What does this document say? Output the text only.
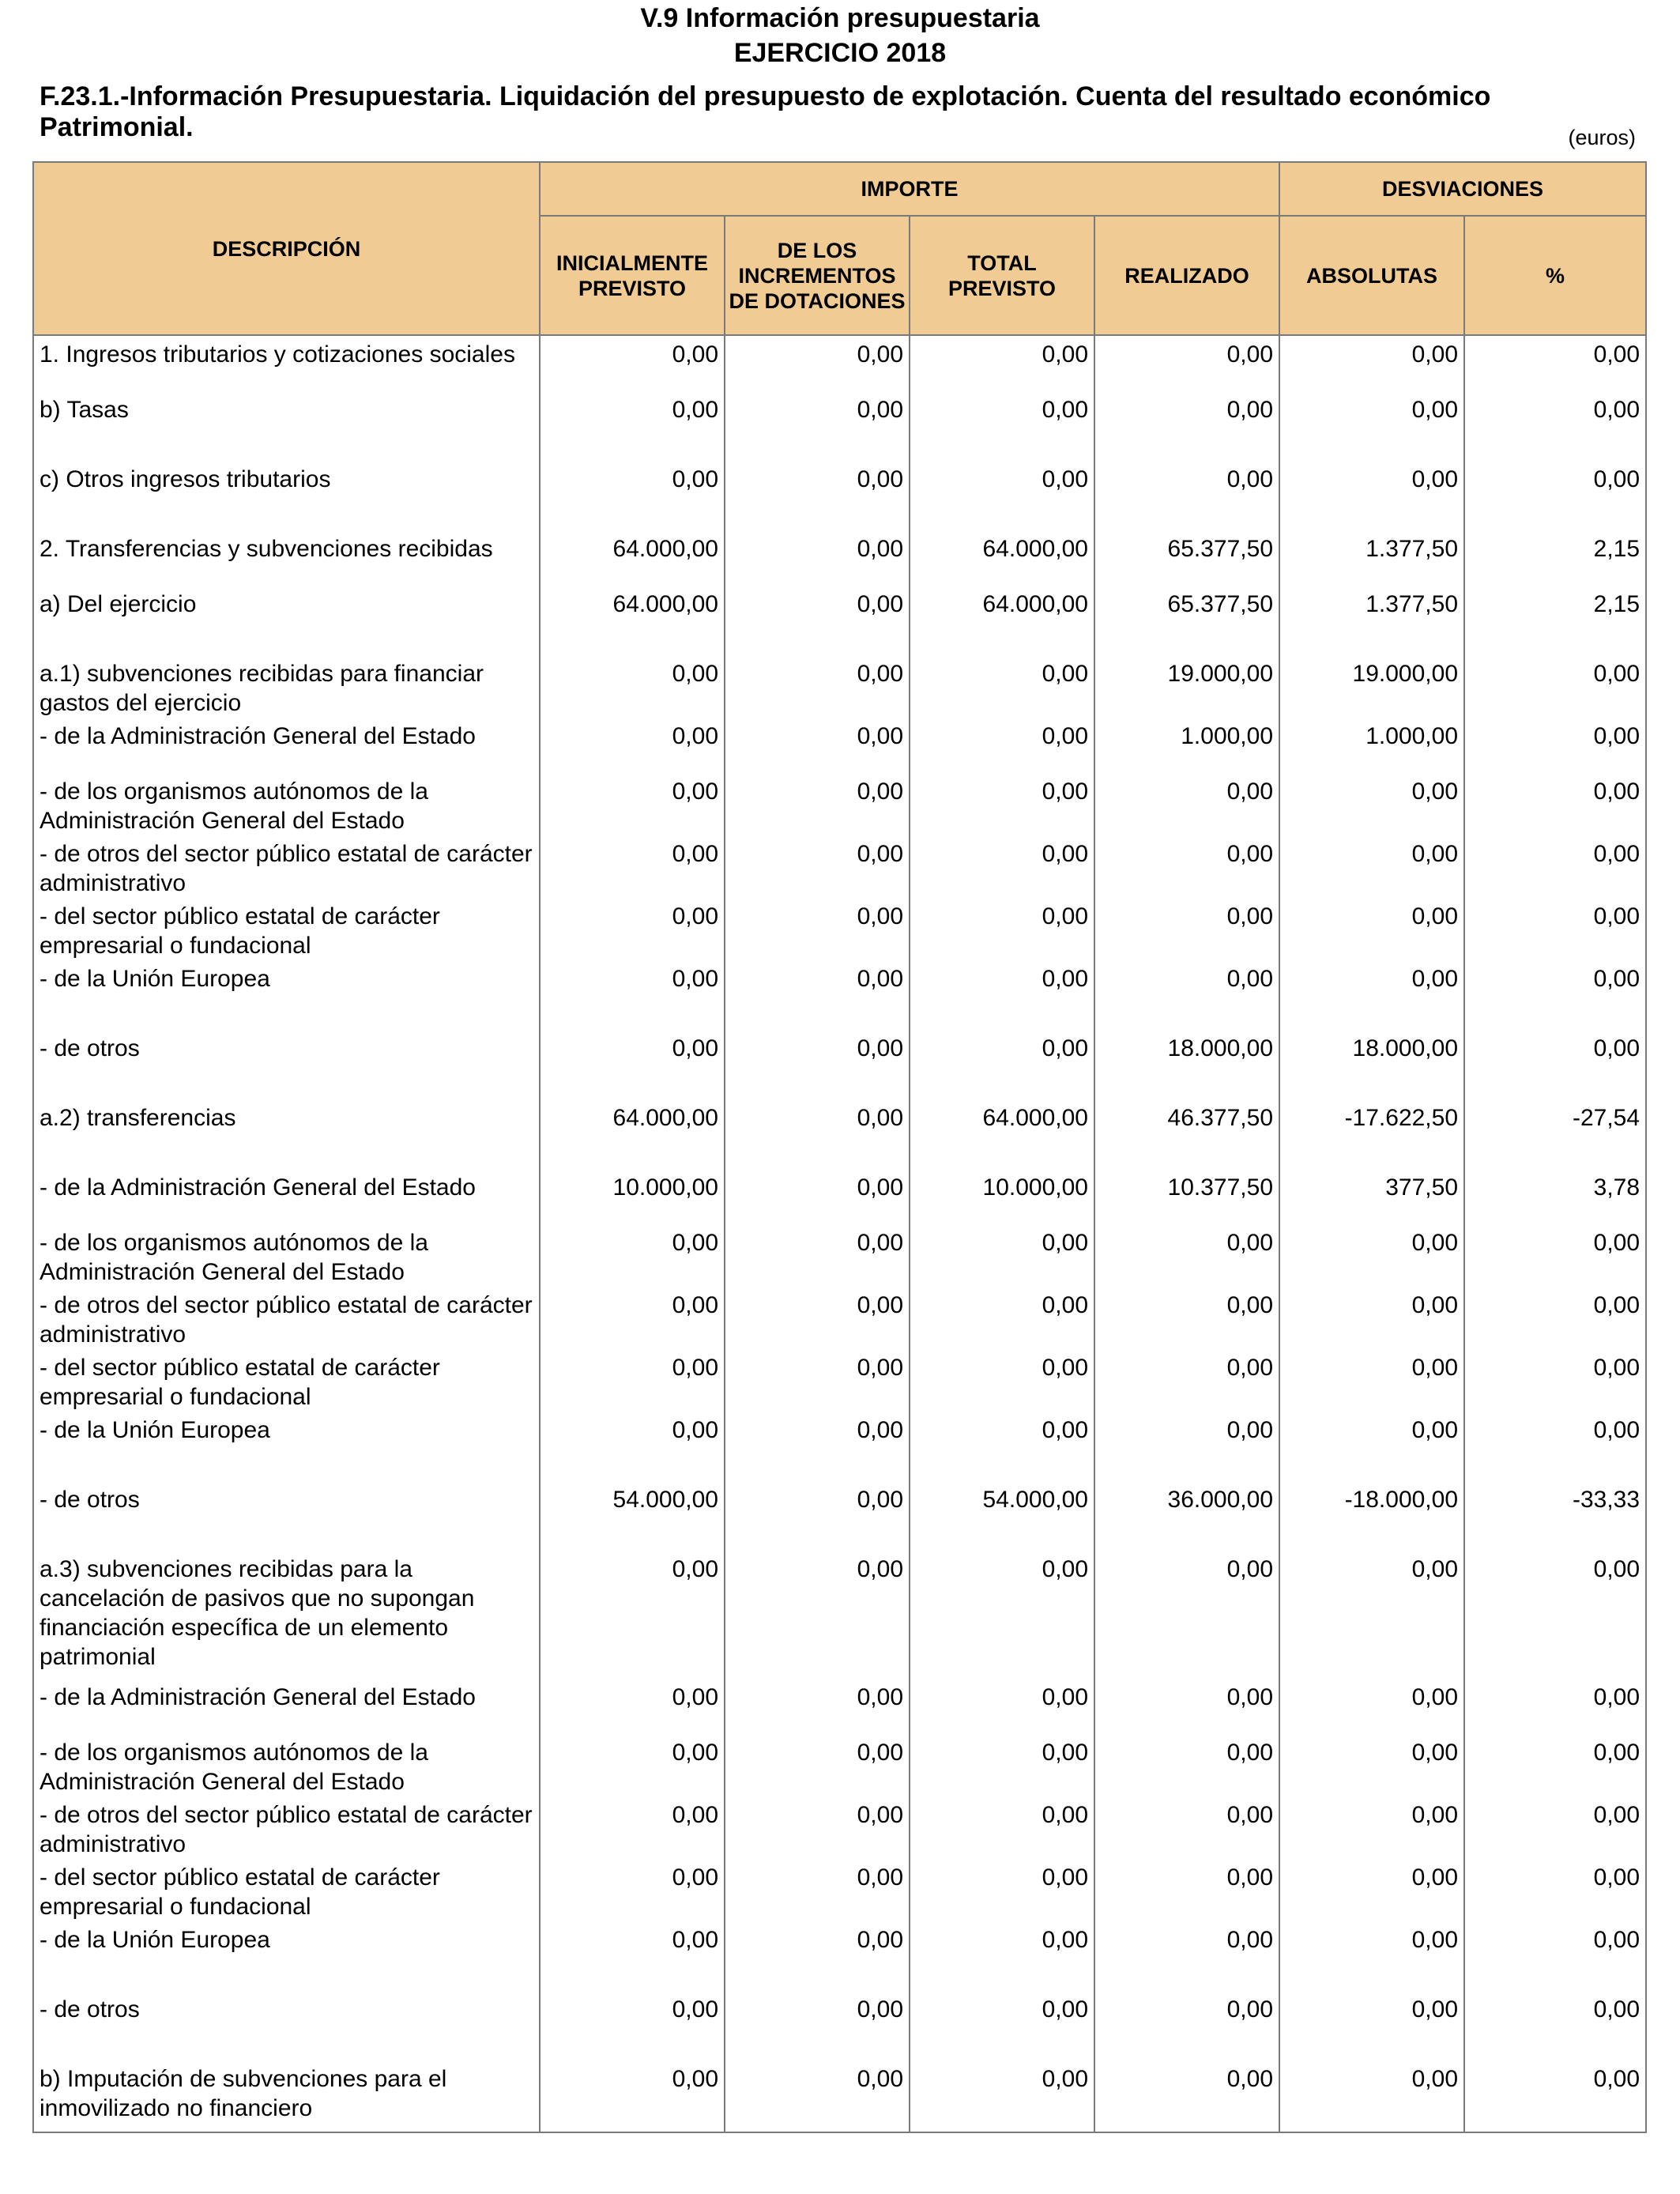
V.9 Información presupuestaria
EJERCICIO 2018
F.23.1.-Información Presupuestaria. Liquidación del presupuesto de explotación. Cuenta del resultado económico Patrimonial.	(euros)
DESCRIPCIÓN	IMPORTE				DESVIACIONES	
	INICIALMENTE PREVISTO	DE LOS INCREMENTOS DE DOTACIONES	TOTAL PREVISTO	REALIZADO	ABSOLUTAS	%
1. Ingresos tributarios y cotizaciones sociales	0,00	0,00	0,00	0,00	0,00	0,00
b) Tasas	0,00	0,00	0,00	0,00	0,00	0,00
c) Otros ingresos tributarios	0,00	0,00	0,00	0,00	0,00	0,00
2. Transferencias y subvenciones recibidas	64.000,00	0,00	64.000,00	65.377,50	1.377,50	2,15
a) Del ejercicio	64.000,00	0,00	64.000,00	65.377,50	1.377,50	2,15
a.1) subvenciones recibidas para financiar gastos del ejercicio	0,00	0,00	0,00	19.000,00	19.000,00	0,00
- de la Administración General del Estado	0,00	0,00	0,00	1.000,00	1.000,00	0,00
- de los organismos autónomos de la Administración General del Estado	0,00	0,00	0,00	0,00	0,00	0,00
- de otros del sector público estatal de carácter administrativo	0,00	0,00	0,00	0,00	0,00	0,00
- del sector público estatal de carácter empresarial o fundacional	0,00	0,00	0,00	0,00	0,00	0,00
- de la Unión Europea	0,00	0,00	0,00	0,00	0,00	0,00
- de otros	0,00	0,00	0,00	18.000,00	18.000,00	0,00
a.2) transferencias	64.000,00	0,00	64.000,00	46.377,50	-17.622,50	-27,54
- de la Administración General del Estado	10.000,00	0,00	10.000,00	10.377,50	377,50	3,78
- de los organismos autónomos de la Administración General del Estado	0,00	0,00	0,00	0,00	0,00	0,00
- de otros del sector público estatal de carácter administrativo	0,00	0,00	0,00	0,00	0,00	0,00
- del sector público estatal de carácter empresarial o fundacional	0,00	0,00	0,00	0,00	0,00	0,00
- de la Unión Europea	0,00	0,00	0,00	0,00	0,00	0,00
- de otros	54.000,00	0,00	54.000,00	36.000,00	-18.000,00	-33,33
a.3) subvenciones recibidas para la cancelación de pasivos que no supongan financiación específica de un elemento patrimonial	0,00	0,00	0,00	0,00	0,00	0,00
- de la Administración General del Estado	0,00	0,00	0,00	0,00	0,00	0,00
- de los organismos autónomos de la Administración General del Estado	0,00	0,00	0,00	0,00	0,00	0,00
- de otros del sector público estatal de carácter administrativo	0,00	0,00	0,00	0,00	0,00	0,00
- del sector público estatal de carácter empresarial o fundacional	0,00	0,00	0,00	0,00	0,00	0,00
- de la Unión Europea	0,00	0,00	0,00	0,00	0,00	0,00
- de otros	0,00	0,00	0,00	0,00	0,00	0,00
b) Imputación de subvenciones para el inmovilizado no financiero	0,00	0,00	0,00	0,00	0,00	0,00
